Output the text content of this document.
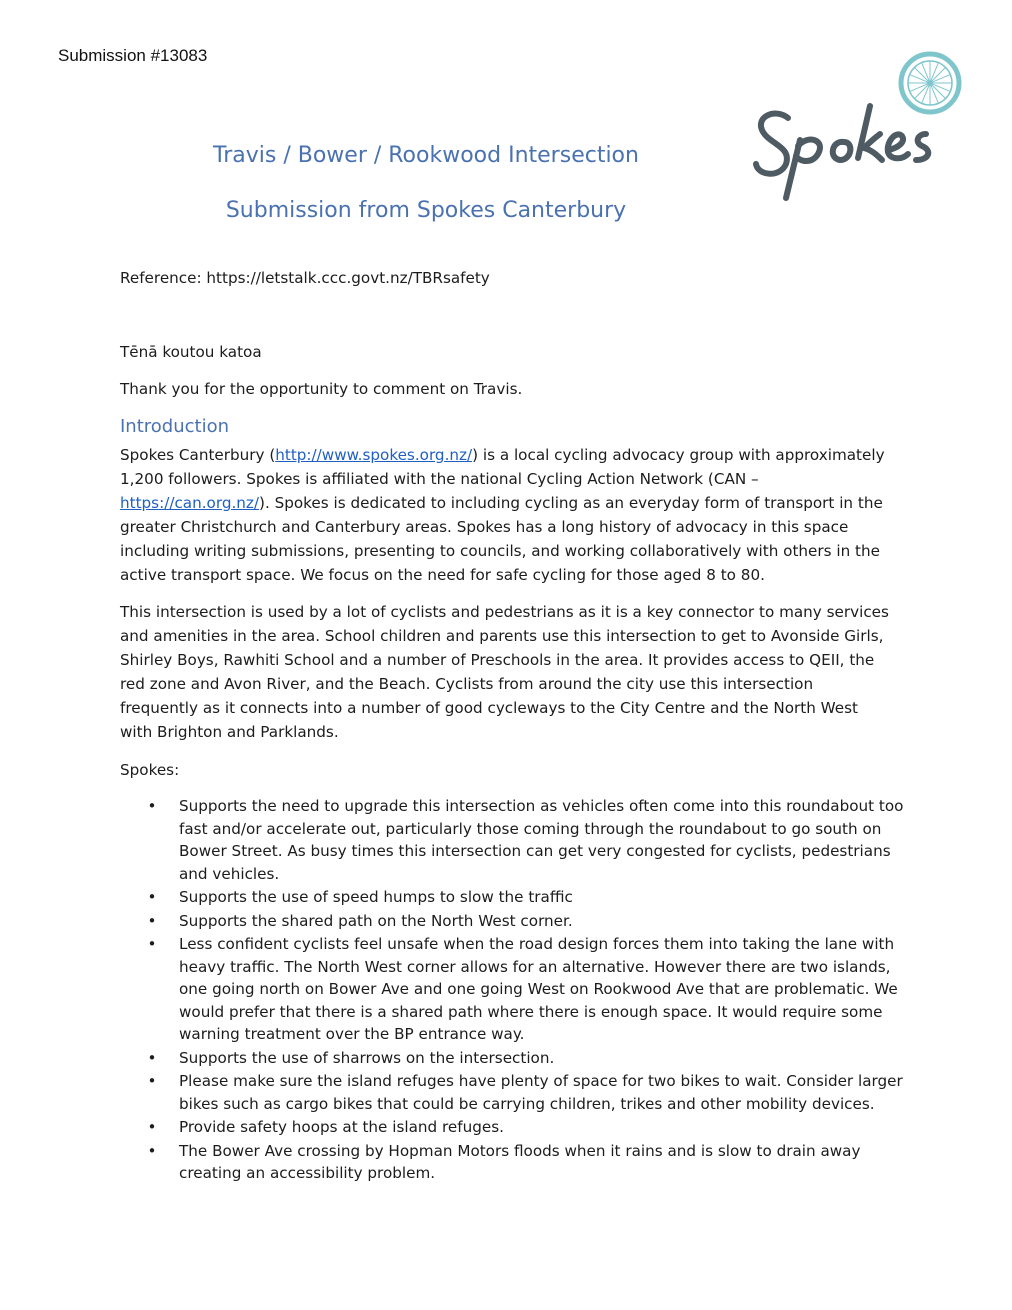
Submission #13083
Travis / Bower / Rookwood Intersection
Submission from Spokes Canterbury

Reference: https://letstalk.ccc.govt.nz/TBRsafety

Tēnā koutou katoa

Thank you for the opportunity to comment on Travis.

Introduction

Spokes Canterbury (http://www.spokes.org.nz/) is a local cycling advocacy group with approximately 1,200 followers. Spokes is affiliated with the national Cycling Action Network (CAN – https://can.org.nz/). Spokes is dedicated to including cycling as an everyday form of transport in the greater Christchurch and Canterbury areas. Spokes has a long history of advocacy in this space including writing submissions, presenting to councils, and working collaboratively with others in the active transport space. We focus on the need for safe cycling for those aged 8 to 80.

This intersection is used by a lot of cyclists and pedestrians as it is a key connector to many services and amenities in the area. School children and parents use this intersection to get to Avonside Girls, Shirley Boys, Rawhiti School and a number of Preschools in the area. It provides access to QEII, the red zone and Avon River, and the Beach. Cyclists from around the city use this intersection frequently as it connects into a number of good cycleways to the City Centre and the North West with Brighton and Parklands.

Spokes:

• Supports the need to upgrade this intersection as vehicles often come into this roundabout too fast and/or accelerate out, particularly those coming through the roundabout to go south on Bower Street. As busy times this intersection can get very congested for cyclists, pedestrians and vehicles.
• Supports the use of speed humps to slow the traffic
• Supports the shared path on the North West corner.
• Less confident cyclists feel unsafe when the road design forces them into taking the lane with heavy traffic. The North West corner allows for an alternative. However there are two islands, one going north on Bower Ave and one going West on Rookwood Ave that are problematic. We would prefer that there is a shared path where there is enough space. It would require some warning treatment over the BP entrance way.
• Supports the use of sharrows on the intersection.
• Please make sure the island refuges have plenty of space for two bikes to wait. Consider larger bikes such as cargo bikes that could be carrying children, trikes and other mobility devices.
• Provide safety hoops at the island refuges.
• The Bower Ave crossing by Hopman Motors floods when it rains and is slow to drain away creating an accessibility problem.
